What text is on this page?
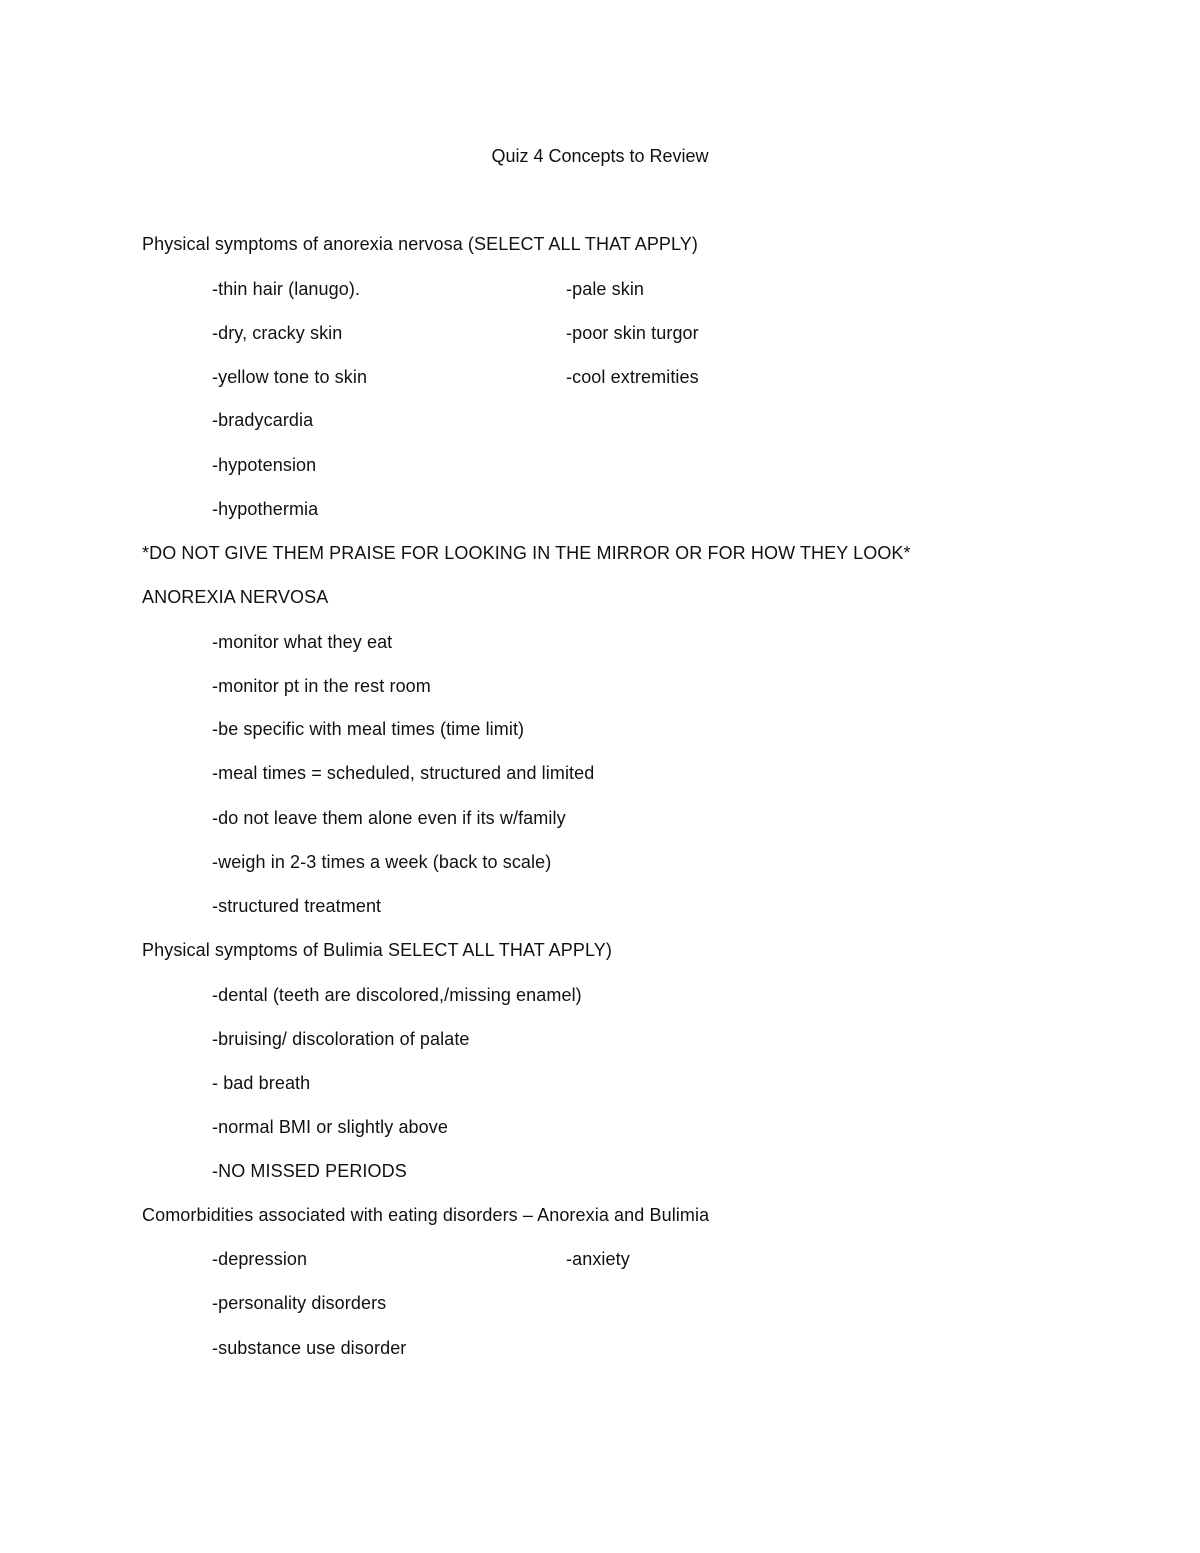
Quiz 4 Concepts to Review
Physical symptoms of anorexia nervosa (SELECT ALL THAT APPLY)
-thin hair (lanugo).	-pale skin
-dry, cracky skin	-poor skin turgor
-yellow tone to skin	-cool extremities
-bradycardia
-hypotension
-hypothermia
*DO NOT GIVE THEM PRAISE FOR LOOKING IN THE MIRROR OR FOR HOW THEY LOOK*
ANOREXIA NERVOSA
-monitor what they eat
-monitor pt in the rest room
-be specific with meal times (time limit)
-meal times = scheduled, structured and limited
-do not leave them alone even if its w/family
-weigh in 2-3 times a week (back to scale)
-structured treatment
Physical symptoms of Bulimia SELECT ALL THAT APPLY)
-dental (teeth are discolored,/missing enamel)
-bruising/ discoloration of palate
- bad breath
-normal BMI or slightly above
-NO MISSED PERIODS
Comorbidities associated with eating disorders – Anorexia and Bulimia
-depression	-anxiety
-personality disorders
-substance use disorder
